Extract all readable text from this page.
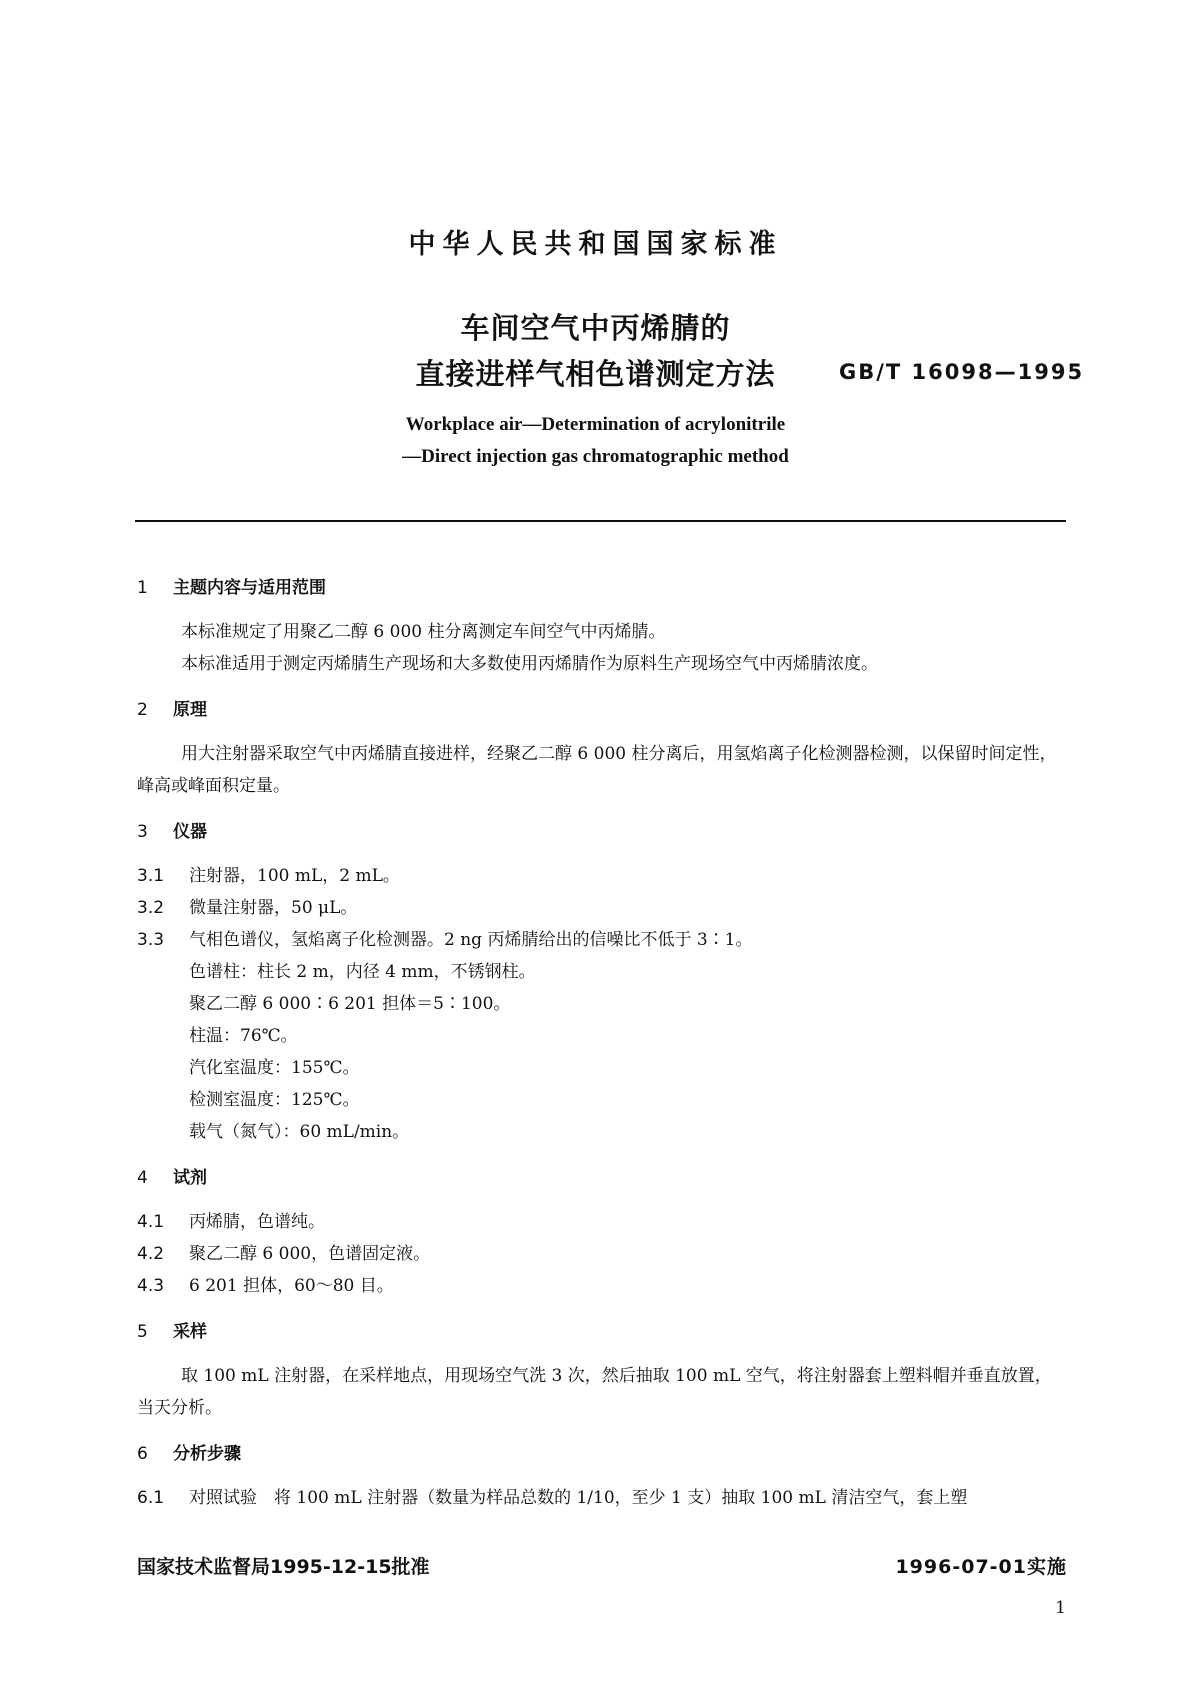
中华人民共和国国家标准
车间空气中丙烯腈的
直接进样气相色谱测定方法	GB/T 16098—1995
Workplace air—Determination of acrylonitrile
—Direct injection gas chromatographic method
1 主题内容与适用范围

本标准规定了用聚乙二醇 6 000 柱分离测定车间空气中丙烯腈。

本标准适用于测定丙烯腈生产现场和大多数使用丙烯腈作为原料生产现场空气中丙烯腈浓度。

2 原理

用大注射器采取空气中丙烯腈直接进样，经聚乙二醇 6 000 柱分离后，用氢焰离子化检测器检测，以保留时间定性，峰高或峰面积定量。

3 仪器

3.1 注射器，100 mL，2 mL。

3.2 微量注射器，50 μL。

3.3 气相色谱仪，氢焰离子化检测器。2 ng 丙烯腈给出的信噪比不低于 3∶1。

色谱柱：柱长 2 m，内径 4 mm，不锈钢柱。

聚乙二醇 6 000∶6 201 担体＝5∶100。

柱温：76℃。

汽化室温度：155℃。

检测室温度：125℃。

载气（氮气）：60 mL/min。

4 试剂

4.1 丙烯腈，色谱纯。

4.2 聚乙二醇 6 000，色谱固定液。

4.3 6 201 担体，60～80 目。

5 采样

取 100 mL 注射器，在采样地点，用现场空气洗 3 次，然后抽取 100 mL 空气，将注射器套上塑料帽并垂直放置，当天分析。

6 分析步骤

6.1 对照试验　将 100 mL 注射器（数量为样品总数的 1/10，至少 1 支）抽取 100 mL 清洁空气，套上塑

国家技术监督局1995-12-15批准	1996-07-01实施
1
